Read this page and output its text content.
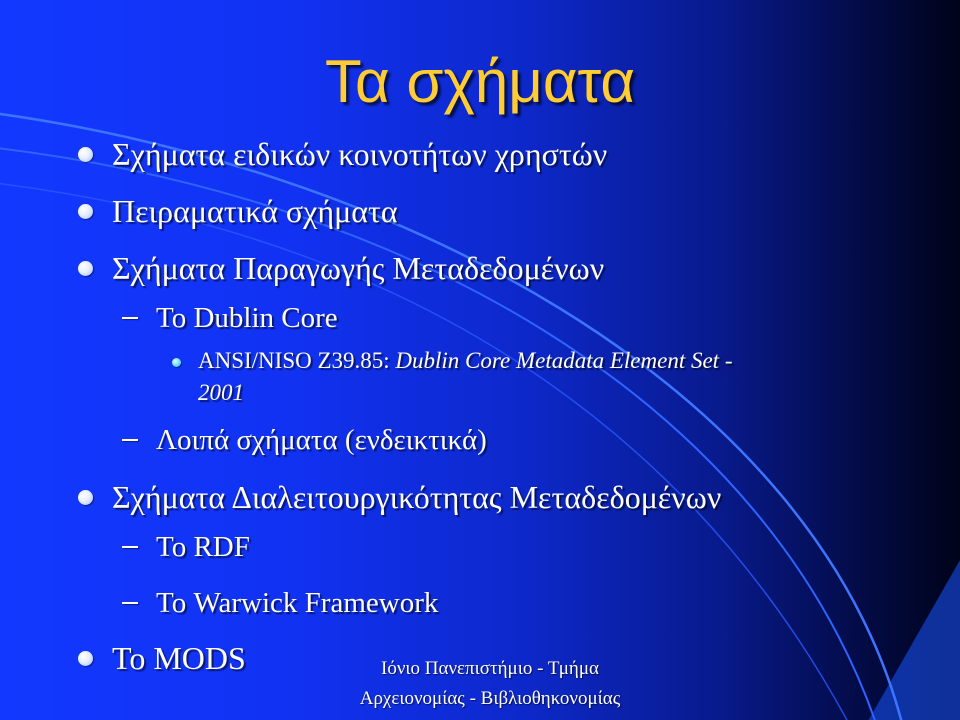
Τα σχήματα
Σχήματα ειδικών κοινοτήτων χρηστών
Πειραματικά σχήματα
Σχήματα Παραγωγής Μεταδεδομένων
Το Dublin Core
ANSI/NISO Z39.85: Dublin Core Metadata Element Set -
2001
Λοιπά σχήματα (ενδεικτικά)
Σχήματα Διαλειτουργικότητας Μεταδεδομένων
Το RDF
Το Warwick Framework
Το MODS	Ιόνιο Πανεπιστήμιο - Τμήμα
Αρχειονομίας - Βιβλιοθηκονομίας
